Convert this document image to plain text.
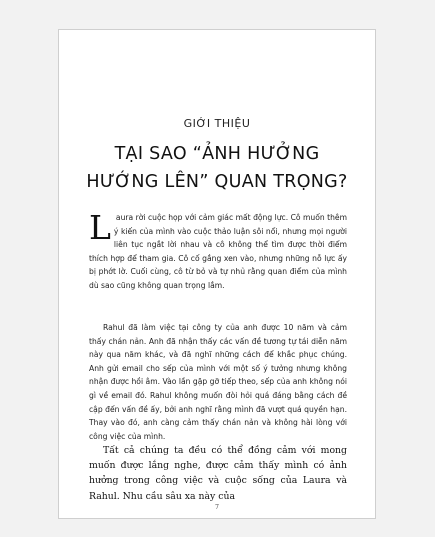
GIỚI THIỆU
TẠI SAO “ẢNH HƯỞNG
HƯỚNG LÊN” QUAN TRỌNG?
L aura rời cuộc họp với cảm giác mất động lực. Cô muốn thêm ý kiến của mình vào cuộc thảo luận sôi nổi, nhưng mọi người liên tục ngắt lời nhau và cô không thể tìm được thời điểm thích hợp để tham gia. Cô cố gắng xen vào, nhưng những nỗ lực ấy bị phớt lờ. Cuối cùng, cô từ bỏ và tự nhủ rằng quan điểm của mình dù sao cũng không quan trọng lắm.
Rahul đã làm việc tại công ty của anh được 10 năm và cảm thấy chán nản. Anh đã nhận thấy các vấn đề tương tự tái diễn năm này qua năm khác, và đã nghĩ những cách để khắc phục chúng. Anh gửi email cho sếp của mình với một số ý tưởng nhưng không nhận được hồi âm. Vào lần gặp gỡ tiếp theo, sếp của anh không nói gì về email đó. Rahul không muốn đòi hỏi quá đáng bằng cách đề cập đến vấn đề ấy, bởi anh nghĩ rằng mình đã vượt quá quyền hạn. Thay vào đó, anh càng cảm thấy chán nản và không hài lòng với công việc của mình.
Tất cả chúng ta đều có thể đồng cảm với mong muốn được lắng nghe, được cảm thấy mình có ảnh hưởng trong công việc và cuộc sống của Laura và Rahul. Nhu cầu sâu xa này của
7
